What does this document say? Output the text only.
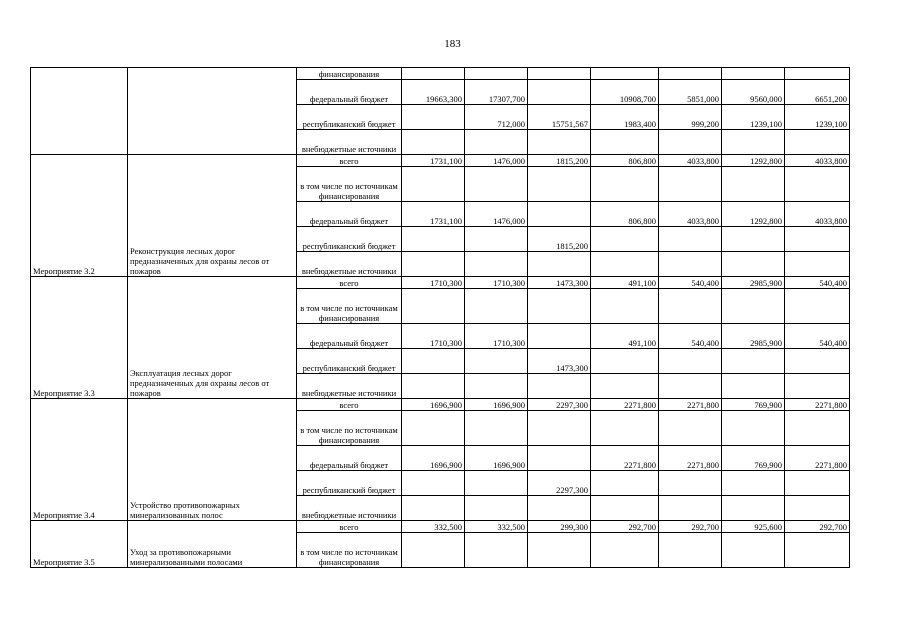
183
		финансирования							
		федеральный бюджет	19663,300	17307,700		10908,700	5851,000	9560,000	6651,200
		республиканский бюджет		712,000	15751,567	1983,400	999,200	1239,100	1239,100
		внебюджетные источники							
Мероприятие 3.2	Реконструкция лесных дорог предназначенных для охраны лесов от пожаров	всего	1731,100	1476,000	1815,200	806,800	4033,800	1292,800	4033,800
		в том числе по источникам финансирования							
		федеральный бюджет	1731,100	1476,000		806,800	4033,800	1292,800	4033,800
		республиканский бюджет			1815,200				
		внебюджетные источники							
Мероприятие 3.3	Эксплуатация лесных дорог предназначенных для охраны лесов от пожаров	всего	1710,300	1710,300	1473,300	491,100	540,400	2985,900	540,400
		в том числе по источникам финансирования							
		федеральный бюджет	1710,300	1710,300		491,100	540,400	2985,900	540,400
		республиканский бюджет			1473,300				
		внебюджетные источники							
Мероприятие 3.4	Устройство противопожарных минерализованных полос	всего	1696,900	1696,900	2297,300	2271,800	2271,800	769,900	2271,800
		в том числе по источникам финансирования							
		федеральный бюджет	1696,900	1696,900		2271,800	2271,800	769,900	2271,800
		республиканский бюджет			2297,300				
		внебюджетные источники							
Мероприятие 3.5	Уход за противопожарными минерализованными полосами	всего	332,500	332,500	299,300	292,700	292,700	925,600	292,700
		в том числе по источникам финансирования							
